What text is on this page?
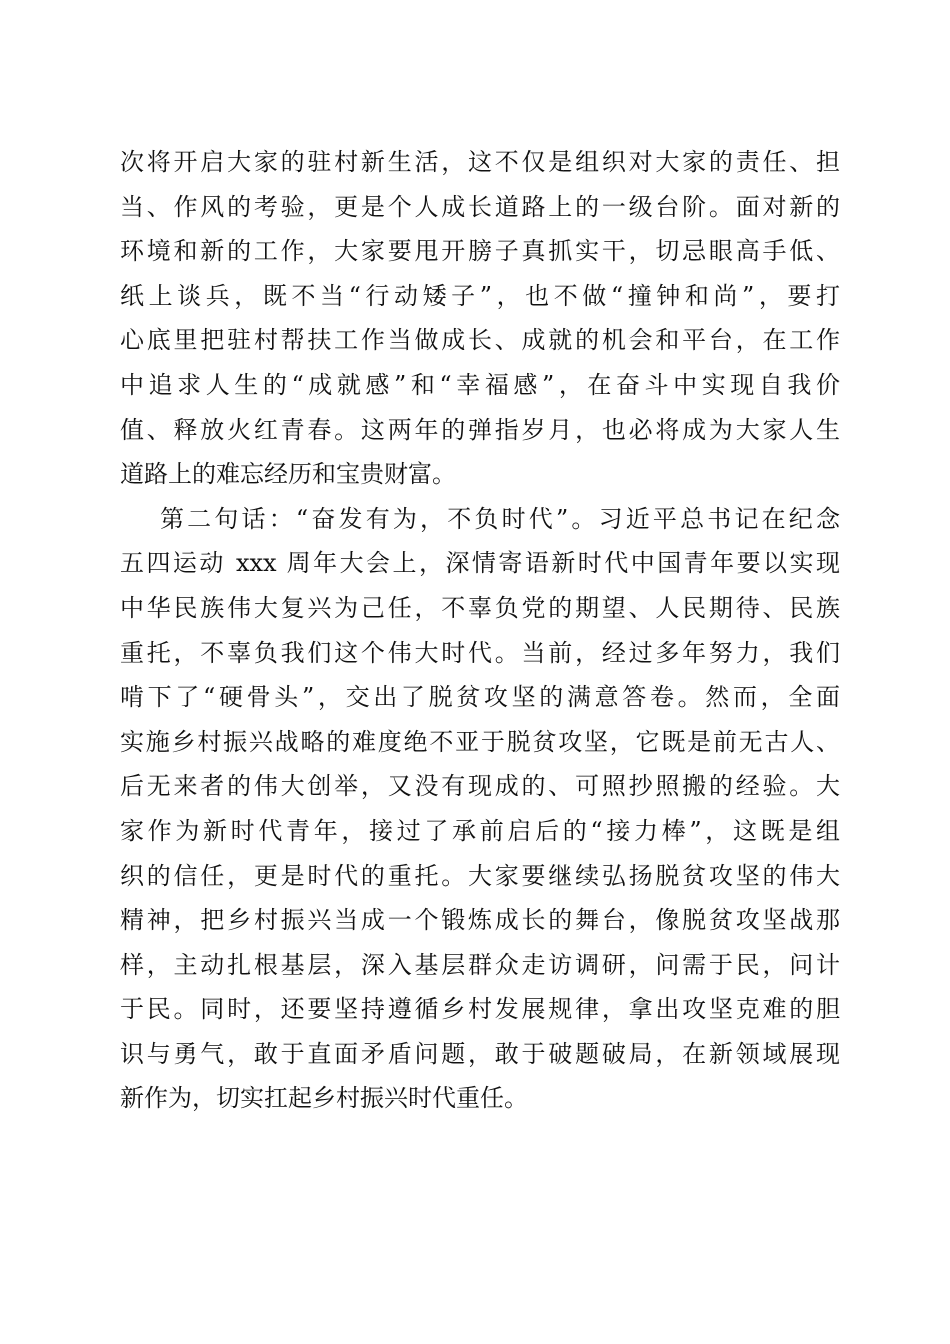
次将开启大家的驻村新生活，这不仅是组织对大家的责任、担
当、作风的考验，更是个人成长道路上的一级台阶。面对新的
环境和新的工作，大家要甩开膀子真抓实干，切忌眼高手低、
纸上谈兵，既不当“行动矮子”，也不做“撞钟和尚”，要打
心底里把驻村帮扶工作当做成长、成就的机会和平台，在工作
中追求人生的“成就感”和“幸福感”，在奋斗中实现自我价
值、释放火红青春。这两年的弹指岁月，也必将成为大家人生
道路上的难忘经历和宝贵财富。
第二句话：“奋发有为，不负时代”。习近平总书记在纪念
五四运动 xxx 周年大会上，深情寄语新时代中国青年要以实现
中华民族伟大复兴为己任，不辜负党的期望、人民期待、民族
重托，不辜负我们这个伟大时代。当前，经过多年努力，我们
啃下了“硬骨头”，交出了脱贫攻坚的满意答卷。然而，全面
实施乡村振兴战略的难度绝不亚于脱贫攻坚，它既是前无古人、
后无来者的伟大创举，又没有现成的、可照抄照搬的经验。大
家作为新时代青年，接过了承前启后的“接力棒”，这既是组
织的信任，更是时代的重托。大家要继续弘扬脱贫攻坚的伟大
精神，把乡村振兴当成一个锻炼成长的舞台，像脱贫攻坚战那
样，主动扎根基层，深入基层群众走访调研，问需于民，问计
于民。同时，还要坚持遵循乡村发展规律，拿出攻坚克难的胆
识与勇气，敢于直面矛盾问题，敢于破题破局，在新领域展现
新作为，切实扛起乡村振兴时代重任。
